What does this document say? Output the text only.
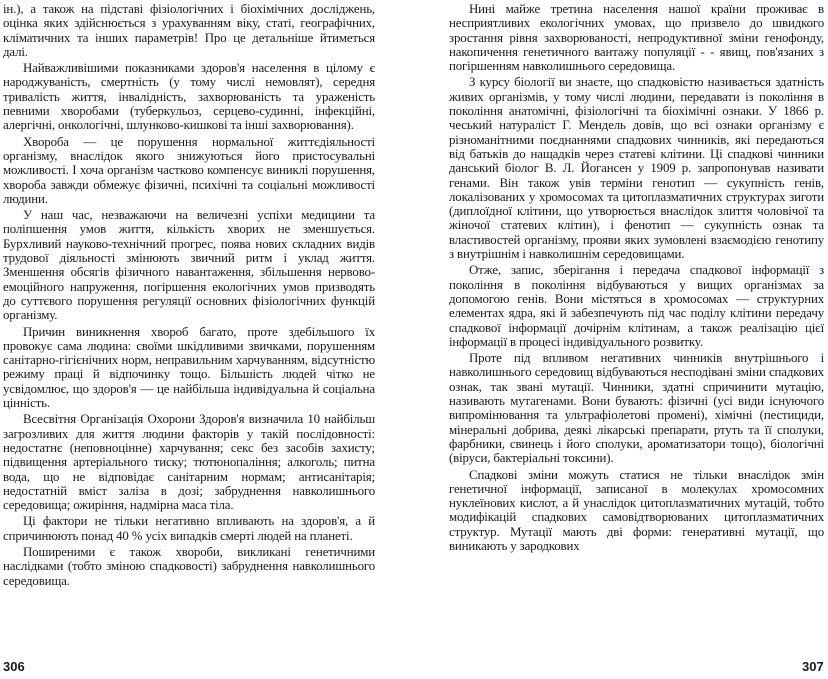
ін.), а також на підставі фізіологічних і біохімічних досліджень, оцінка яких здійснюється з урахуванням віку, статі, географічних, кліматичних та інших параметрів! Про це детальніше йтиметься далі.

Найважливішими показниками здоров'я населення в цілому є народжуваність, смертність (у тому числі немовлят), середня тривалість життя, інвалідність, захворюваність та ураженість певними хворобами (туберкульоз, серцево-судинні, інфекційні, алергічні, онкологічні, шлунково-кишкові та інші захворювання).

Хвороба — це порушення нормальної життєдіяльності організму, внаслідок якого знижуються його пристосувальні можливості. І хоча організм частково компенсує виниклі порушення, хвороба завжди обмежує фізичні, психічні та соціальні можливості людини.

У наш час, незважаючи на величезні успіхи медицини та поліпшення умов життя, кількість хворих не зменшується. Бурхливий науково-технічний прогрес, поява нових складних видів трудової діяльності змінюють звичний ритм і уклад життя. Зменшення обсягів фізичного навантаження, збільшення нервово-емоційного напруження, погіршення екологічних умов призводять до суттєвого порушення регуляції основних фізіологічних функцій організму.

Причин виникнення хвороб багато, проте здебільшого їх провокує сама людина: своїми шкідливими звичками, порушенням санітарно-гігієнічних норм, неправильним харчуванням, відсутністю режиму праці й відпочинку тощо. Більшість людей чітко не усвідомлює, що здоров'я — це найбільша індивідуальна й соціальна цінність.

Всесвітня Організація Охорони Здоров'я визначила 10 найбільш загрозливих для життя людини факторів у такій послідовності: недостатнє (неповноцінне) харчування; секс без засобів захисту; підвищення артеріального тиску; тютюнопаління; алкоголь; питна вода, що не відповідає санітарним нормам; антисанітарія; недостатній вміст заліза в дозі; забруднення навколишнього середовища; ожиріння, надмірна маса тіла.

Ці фактори не тільки негативно впливають на здоров'я, а й спричинюють понад 40 % усіх випадків смерті людей на планеті.

Поширеними є також хвороби, викликані генетичними наслідками (тобто зміною спадковості) забруднення навколишнього середовища.

Нині майже третина населення нашої країни проживає в несприятливих екологічних умовах, що призвело до швидкого зростання рівня захворюваності, непродуктивної зміни генофонду, накопичення генетичного вантажу популяції - - явищ, пов'язаних з погіршенням навколишнього середовища.

З курсу біології ви знаєте, що спадковістю називається здатність живих організмів, у тому числі людини, передавати із покоління в покоління анатомічні, фізіологічні та біохімічні ознаки. У 1866 р. чеський натураліст Г. Мендель довів, що всі ознаки організму є різноманітними поєднаннями спадкових чинників, які передаються від батьків до нащадків через статеві клітини. Ці спадкові чинники данський біолог В. Л. Йогансен у 1909 р. запропонував називати генами. Він також увів терміни генотип — сукупність генів, локалізованих у хромосомах та цитоплазматичних структурах зиготи (диплоїдної клітини, що утворюється внаслідок злиття чоловічої та жіночої статевих клітин), і фенотип — сукупність ознак та властивостей організму, прояви яких зумовлені взаємодією генотипу з внутрішнім і навколишнім середовищами.

Отже, запис, зберігання і передача спадкової інформації з покоління в покоління відбуваються у вищих організмах за допомогою генів. Вони містяться в хромосомах — структурних елементах ядра, які й забезпечують під час поділу клітини передачу спадкової інформації дочірнім клітинам, а також реалізацію цієї інформації в процесі індивідуального розвитку.

Проте під впливом негативних чинників внутрішнього і навколишнього середовищ відбуваються несподівані зміни спадкових ознак, так звані мутації. Чинники, здатні спричинити мутацію, називають мутагенами. Вони бувають: фізичні (усі види існуючого випромінювання та ультрафіолетові промені), хімічні (пестициди, мінеральні добрива, деякі лікарські препарати, ртуть та її сполуки, фарбники, свинець і його сполуки, ароматизатори тощо), біологічні (віруси, бактеріальні токсини).

Спадкові зміни можуть статися не тільки внаслідок змін генетичної інформації, записаної в молекулах хромосомних нуклеїнових кислот, а й унаслідок цитоплазматичних мутацій, тобто модифікацій спадкових самовідтворюваних цитоплазматичних структур. Мутації мають дві форми: генеративні мутації, що виникають у зародкових

306	307
